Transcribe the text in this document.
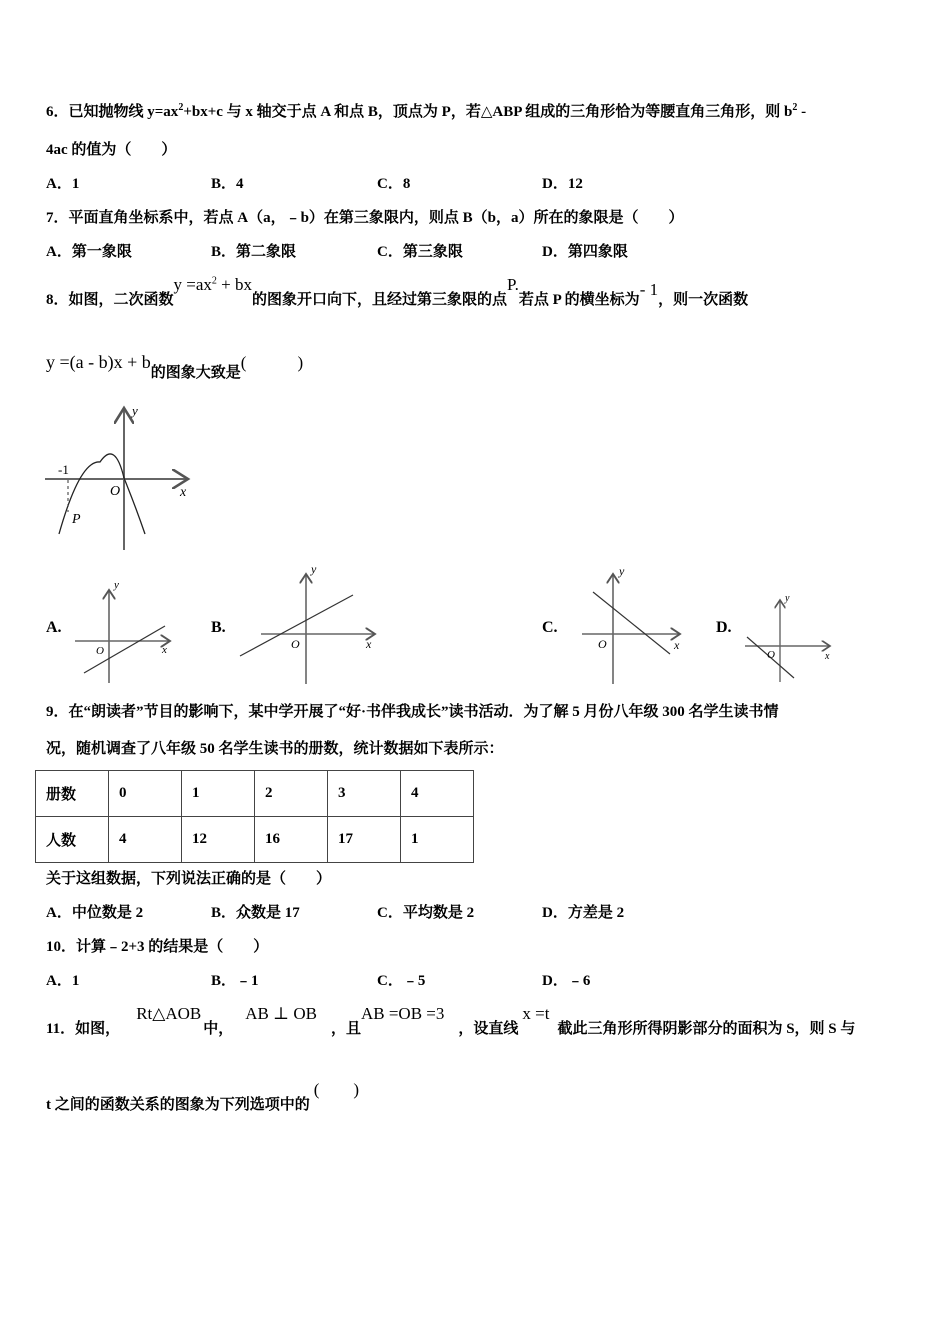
6．已知抛物线 $y=ax^2+bx+c$ 与 x 轴交于点 A 和点 B，顶点为 P，若△ABP 组成的三角形恰为等腰直角三角形，则 $b^2$ -
4ac 的值为（　　）
A．1	B．4	C．8	D．12
7．平面直角坐标系中，若点 A（a，﹣b）在第三象限内，则点 B（b，a）所在的象限是（　　）
A．第一象限	B．第二象限	C．第三象限	D．第四象限
8．如图，二次函数$y =ax^2$ + bx的图象开口向下，且经过第三象限的点P.若点 P 的横坐标为- 1，则一次函数
y =(a - b)x + b的图象大致是(　　　)
-1
O	x
y
P
A.
O	x
y
B.
O	x
y
C.
O	x
y
D.
O	x
y
9．在“朗读者”节目的影响下，某中学开展了“好·书伴我成长”读书活动．为了解 5 月份八年级 300 名学生读书情
况，随机调查了八年级 50 名学生读书的册数，统计数据如下表所示：
册数	0	1	2	3	4
人数	4	12	16	17	1
关于这组数据，下列说法正确的是（　　）
A．中位数是 2	B．众数是 17	C．平均数是 2	D．方差是 2
10．计算﹣2+3 的结果是（　　）
A．1	B．﹣1	C．﹣5	D．﹣6
11．如图，Rt△AOB中，AB ⊥ OB，且AB =OB =3，设直线x =t截此三角形所得阴影部分的面积为 S，则 S 与
t 之间的函数关系的图象为下列选项中的(　　)
